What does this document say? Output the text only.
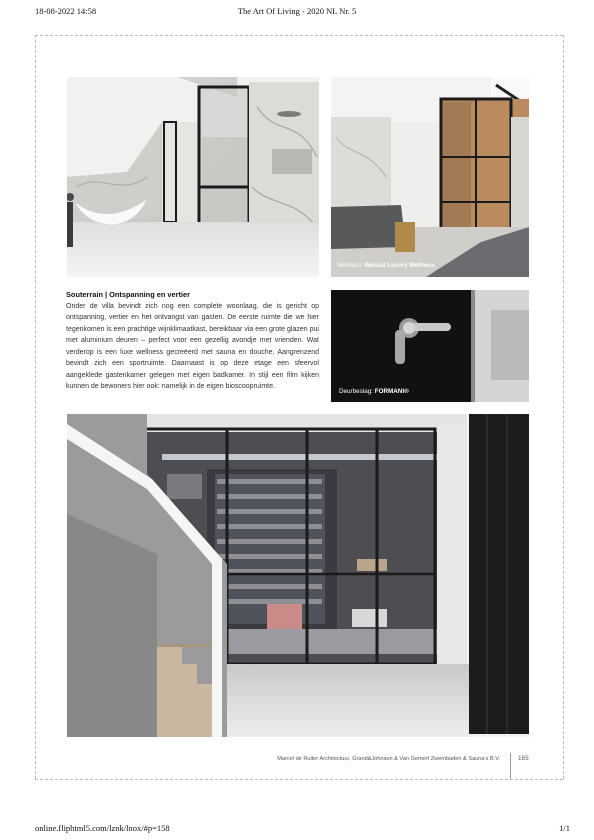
18-08-2022 14:58	The Art Of Living - 2020 NL Nr. 5
Wellness: Welsuit Luxury Wellness
Souterrain | Ontspanning en vertier

Onder de villa bevindt zich nog een complete woonlaag, die is gericht op ontspanning, vertier en het ontvangst van gasten. De eerste ruimte die we hier tegenkomen is een prachtige wijnklimaatkast, bereikbaar via een grote glazen pui met aluminium deuren – perfect voor een gezellig avondje met vrienden. Wat verderop is een luxe wellness gecreëerd met sauna en douche. Aangrenzend bevindt zich een sportruimte. Daarnaast is op deze etage een sfeervol aangeklede gastenkamer gelegen met eigen badkamer. In stijl een film kijken kunnen de bewoners hier ook: namelijk in de eigen bioscoopruimte.

Deurbeslag: FORMANI®
Marcel de Ruiter Architectuur, Grand&Johnson & Van Gemert Zwembaden & Sauna's B.V.	165
online.fliphtml5.com/lznk/lnox/#p=158	1/1
